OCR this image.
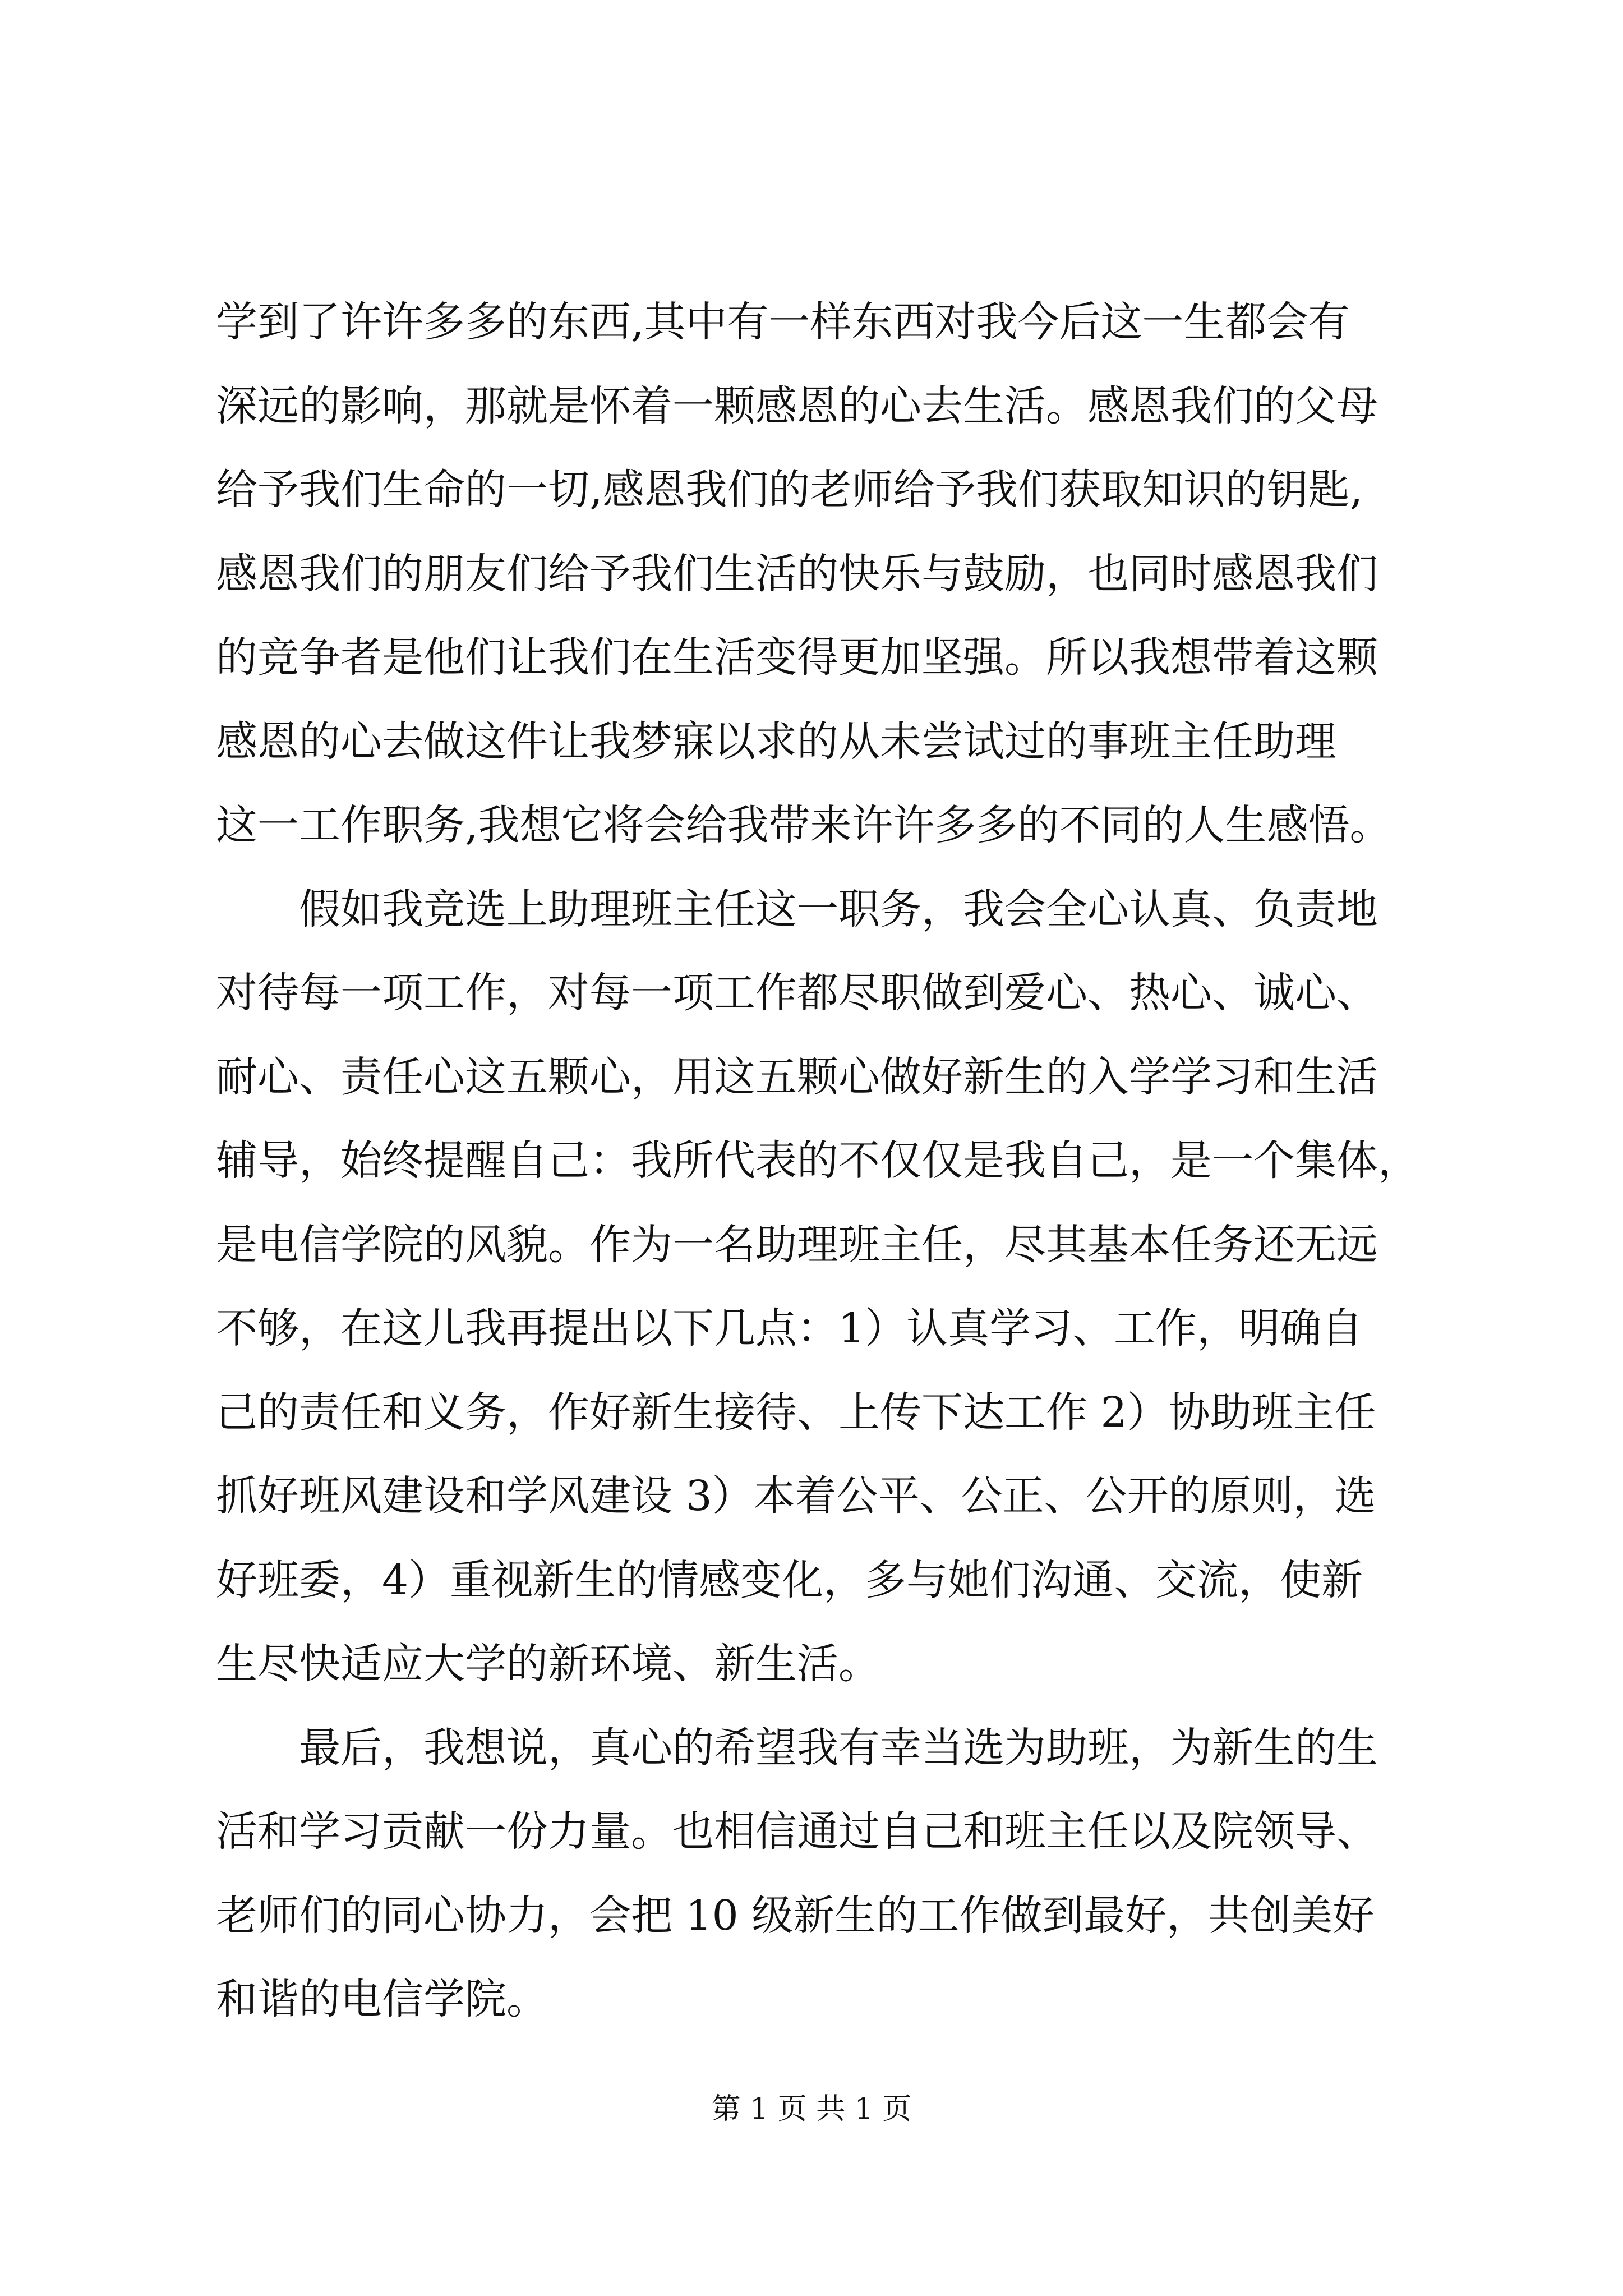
学到了许许多多的东西,其中有一样东西对我今后这一生都会有
深远的影响，那就是怀着一颗感恩的心去生活。感恩我们的父母
给予我们生命的一切,感恩我们的老师给予我们获取知识的钥匙,
感恩我们的朋友们给予我们生活的快乐与鼓励，也同时感恩我们
的竞争者是他们让我们在生活变得更加坚强。所以我想带着这颗
感恩的心去做这件让我梦寐以求的从未尝试过的事班主任助理
这一工作职务,我想它将会给我带来许许多多的不同的人生感悟。
　　假如我竞选上助理班主任这一职务，我会全心认真、负责地
对待每一项工作，对每一项工作都尽职做到爱心、热心、诚心、
耐心、责任心这五颗心，用这五颗心做好新生的入学学习和生活
辅导，始终提醒自己：我所代表的不仅仅是我自己，是一个集体，
是电信学院的风貌。作为一名助理班主任，尽其基本任务还无远
不够，在这儿我再提出以下几点：1）认真学习、工作，明确自
己的责任和义务，作好新生接待、上传下达工作 2）协助班主任
抓好班风建设和学风建设 3）本着公平、公正、公开的原则，选
好班委，4）重视新生的情感变化，多与她们沟通、交流，使新
生尽快适应大学的新环境、新生活。
　　最后，我想说，真心的希望我有幸当选为助班，为新生的生
活和学习贡献一份力量。也相信通过自己和班主任以及院领导、
老师们的同心协力，会把 10 级新生的工作做到最好，共创美好
和谐的电信学院。
第 1 页 共 1 页
